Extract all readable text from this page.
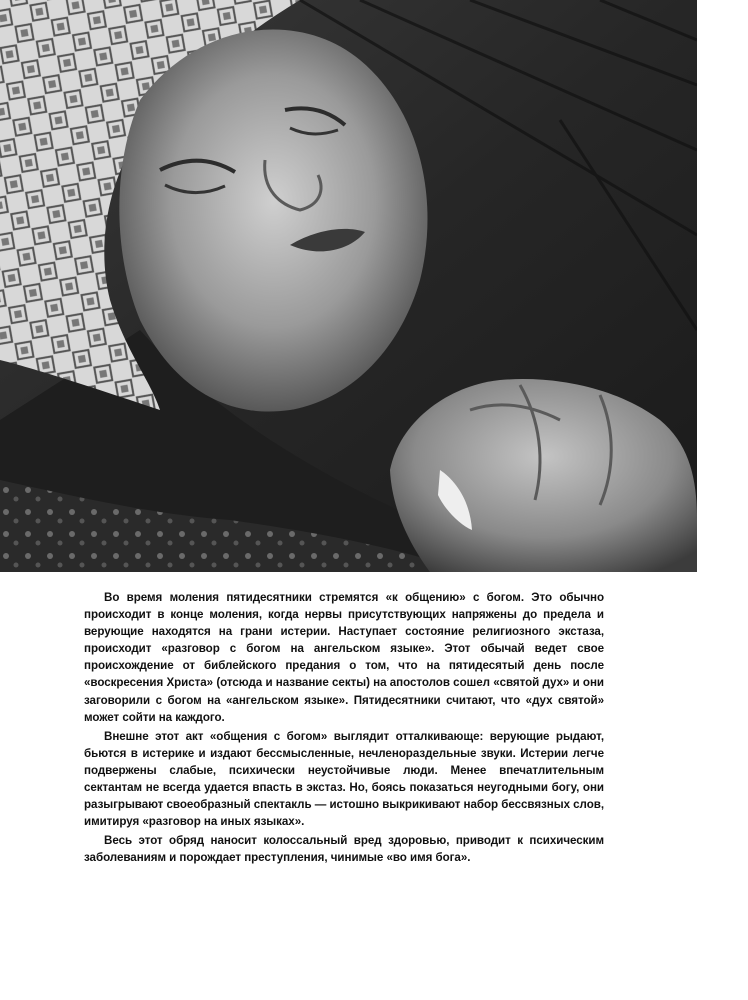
Во время моления пятидесятники стремятся «к общению» с богом. Это обычно происходит в конце моления, когда нервы присутствующих напряжены до предела и верующие находятся на грани истерии. Наступает состояние религиозного экстаза, происходит «разговор с богом на ангельском языке». Этот обычай ведет свое происхождение от библейского предания о том, что на пятидесятый день после «воскресения Христа» (отсюда и название секты) на апостолов сошел «святой дух» и они заговорили с богом на «ангельском языке». Пятидесятники считают, что «дух святой» может сойти на каждого.

Внешне этот акт «общения с богом» выглядит отталкивающе: верующие рыдают, бьются в истерике и издают бессмысленные, нечленораздельные звуки. Истерии легче подвержены слабые, психически неустойчивые люди. Менее впечатлительным сектантам не всегда удается впасть в экстаз. Но, боясь показаться неугодными богу, они разыгрывают своеобразный спектакль — истошно выкрикивают набор бессвязных слов, имитируя «разговор на иных языках».

Весь этот обряд наносит колоссальный вред здоровью, приводит к психическим заболеваниям и порождает преступления, чинимые «во имя бога».
